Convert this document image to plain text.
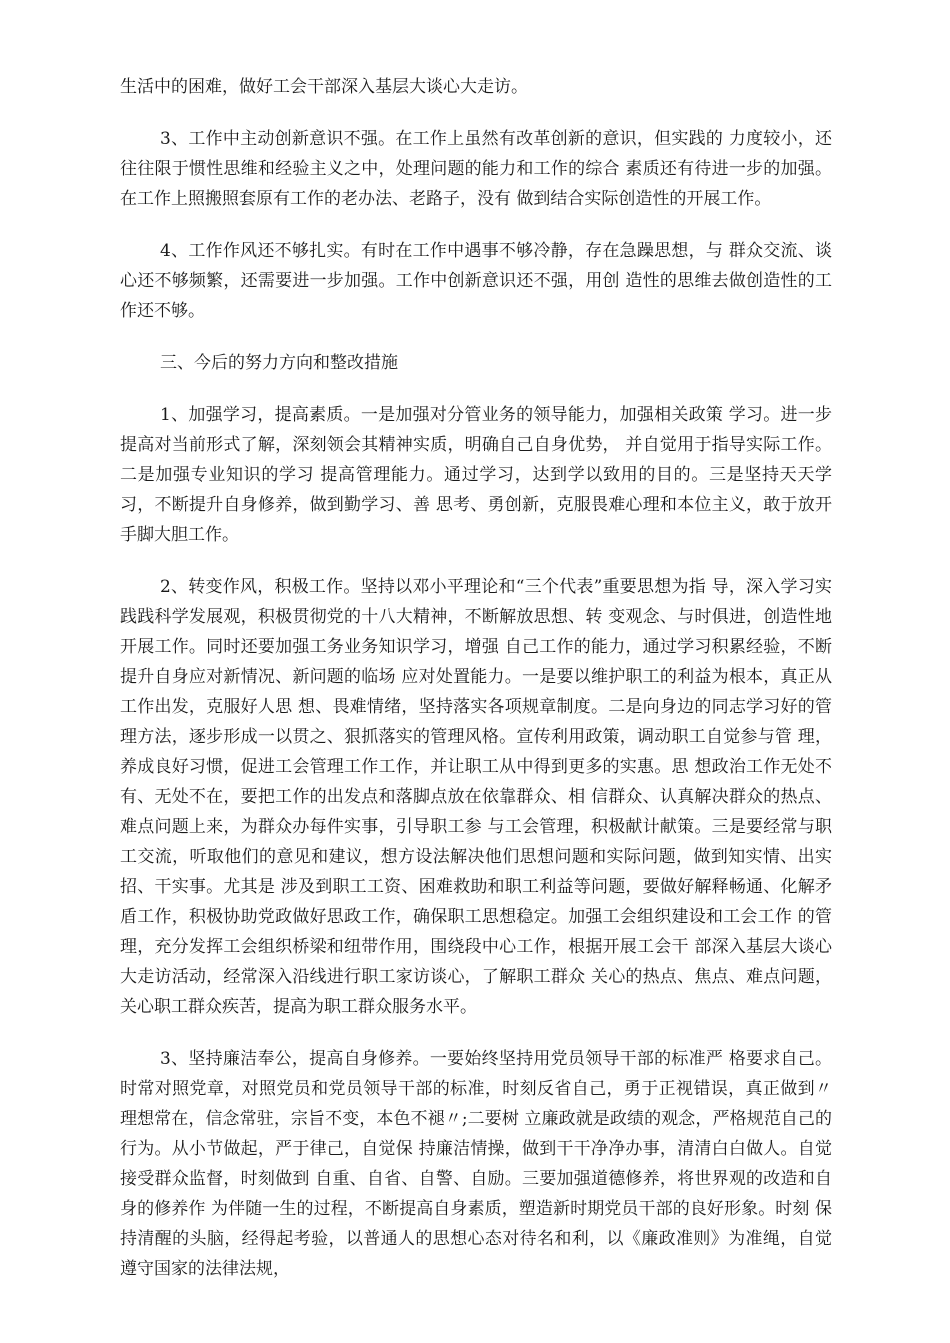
生活中的困难，做好工会干部深入基层大谈心大走访。

3、工作中主动创新意识不强。在工作上虽然有改革创新的意识，但实践的 力度较小，还往往限于惯性思维和经验主义之中，处理问题的能力和工作的综合 素质还有待进一步的加强。在工作上照搬照套原有工作的老办法、老路子，没有 做到结合实际创造性的开展工作。

4、工作作风还不够扎实。有时在工作中遇事不够冷静，存在急躁思想，与 群众交流、谈心还不够频繁，还需要进一步加强。工作中创新意识还不强，用创 造性的思维去做创造性的工作还不够。

三、今后的努力方向和整改措施

1、加强学习，提高素质。一是加强对分管业务的领导能力，加强相关政策 学习。进一步提高对当前形式了解，深刻领会其精神实质，明确自己自身优势， 并自觉用于指导实际工作。二是加强专业知识的学习 提高管理能力。通过学习，达到学以致用的目的。三是坚持天天学习，不断提升自身修养，做到勤学习、善 思考、勇创新，克服畏难心理和本位主义，敢于放开手脚大胆工作。

2、转变作风，积极工作。坚持以邓小平理论和“三个代表”重要思想为指 导，深入学习实践践科学发展观，积极贯彻党的十八大精神，不断解放思想、转 变观念、与时俱进，创造性地开展工作。同时还要加强工务业务知识学习，增强 自己工作的能力，通过学习积累经验，不断提升自身应对新情况、新问题的临场 应对处置能力。一是要以维护职工的利益为根本，真正从工作出发，克服好人思 想、畏难情绪，坚持落实各项规章制度。二是向身边的同志学习好的管理方法，逐步形成一以贯之、狠抓落实的管理风格。宣传利用政策，调动职工自觉参与管 理，养成良好习惯，促进工会管理工作工作，并让职工从中得到更多的实惠。思 想政治工作无处不有、无处不在，要把工作的出发点和落脚点放在依靠群众、相 信群众、认真解决群众的热点、难点问题上来，为群众办每件实事，引导职工参 与工会管理，积极献计献策。三是要经常与职工交流，听取他们的意见和建议，想方设法解决他们思想问题和实际问题，做到知实情、出实招、干实事。尤其是 涉及到职工工资、困难救助和职工利益等问题，要做好解释畅通、化解矛盾工作，积极协助党政做好思政工作，确保职工思想稳定。加强工会组织建设和工会工作 的管理，充分发挥工会组织桥梁和纽带作用，围绕段中心工作，根据开展工会干 部深入基层大谈心大走访活动，经常深入沿线进行职工家访谈心，了解职工群众 关心的热点、焦点、难点问题，关心职工群众疾苦，提高为职工群众服务水平。

3、坚持廉洁奉公，提高自身修养。一要始终坚持用党员领导干部的标准严 格要求自己。时常对照党章，对照党员和党员领导干部的标准，时刻反省自己，勇于正视错误，真正做到〃理想常在，信念常驻，宗旨不变，本色不褪〃;二要树 立廉政就是政绩的观念，严格规范自己的行为。从小节做起，严于律己，自觉保 持廉洁情操，做到干干净净办事，清清白白做人。自觉接受群众监督，时刻做到 自重、自省、自警、自励。三要加强道德修养，将世界观的改造和自身的修养作 为伴随一生的过程，不断提高自身素质，塑造新时期党员干部的良好形象。时刻 保持清醒的头脑，经得起考验，以普通人的思想心态对待名和利，以《廉政准则》为准绳，自觉遵守国家的法律法规，
